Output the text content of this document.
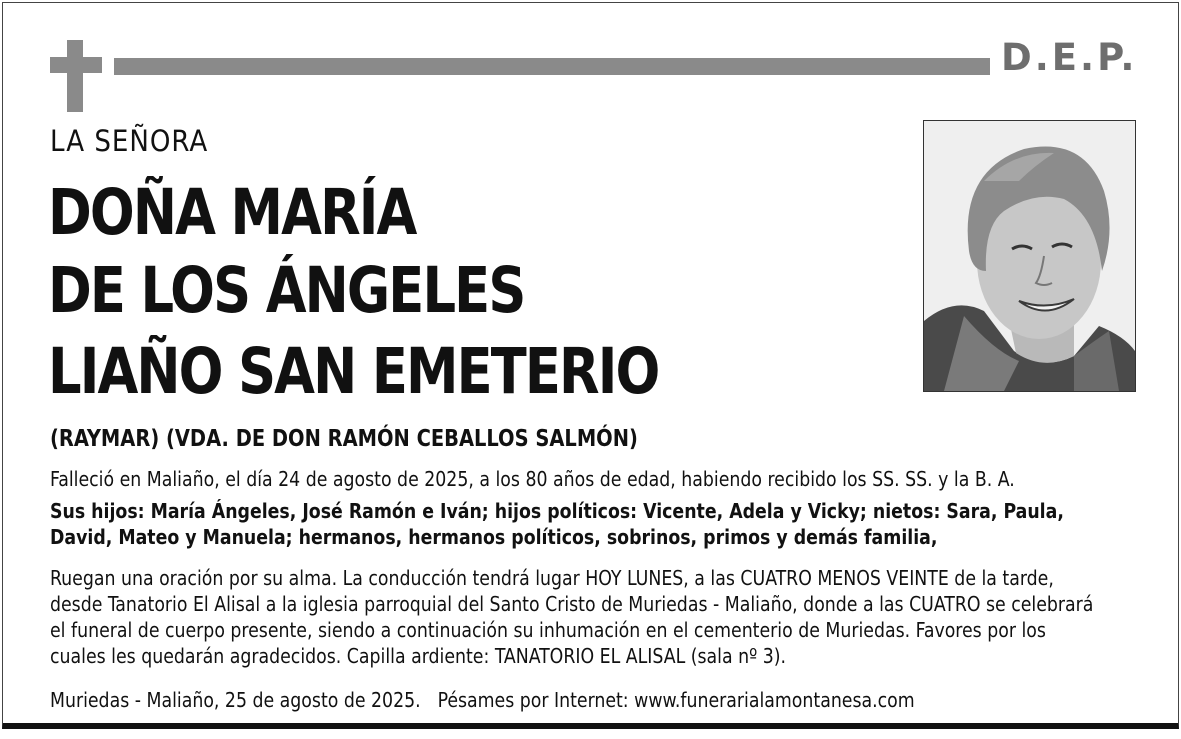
D.E.P.
LA SEÑORA
DOÑA MARÍA
DE LOS ÁNGELES
LIAÑO SAN EMETERIO
(RAYMAR) (VDA. DE DON RAMÓN CEBALLOS SALMÓN)
Falleció en Maliaño, el día 24 de agosto de 2025, a los 80 años de edad, habiendo recibido los SS. SS. y la B. A.
Sus hijos: María Ángeles, José Ramón e Iván; hijos políticos: Vicente, Adela y Vicky; nietos: Sara, Paula, David, Mateo y Manuela; hermanos, hermanos políticos, sobrinos, primos y demás familia,
Ruegan una oración por su alma. La conducción tendrá lugar HOY LUNES, a las CUATRO MENOS VEINTE de la tarde, desde Tanatorio El Alisal a la iglesia parroquial del Santo Cristo de Muriedas - Maliaño, donde a las CUATRO se celebrará el funeral de cuerpo presente, siendo a continuación su inhumación en el cementerio de Muriedas. Favores por los cuales les quedarán agradecidos. Capilla ardiente: TANATORIO EL ALISAL (sala nº 3).
Muriedas - Maliaño, 25 de agosto de 2025. Pésames por Internet: www.funerarialamontanesa.com
